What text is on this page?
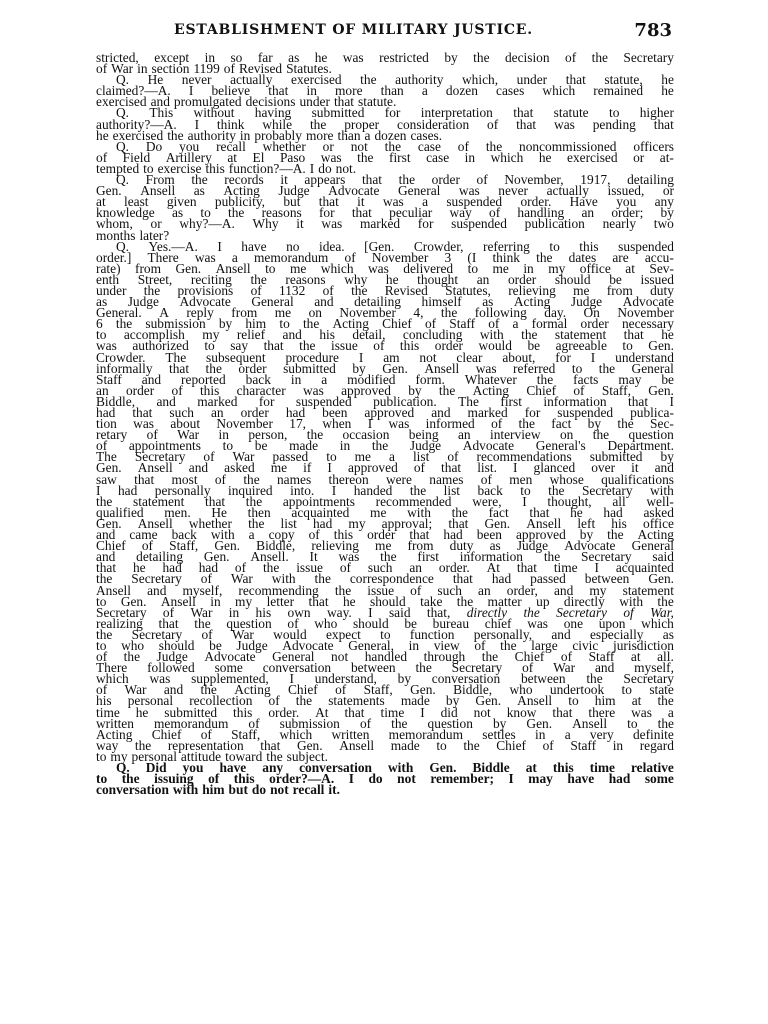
ESTABLISHMENT OF MILITARY JUSTICE.	783
stricted, except in so far as he was restricted by the decision of the Secretary
of War in section 1199 of Revised Statutes.
Q. He never actually exercised the authority which, under that statute, he
claimed?—A. I believe that in more than a dozen cases which remained he
exercised and promulgated decisions under that statute.
Q. This without having submitted for interpretation that statute to higher
authority?—A. I think while the proper consideration of that was pending that
he exercised the authority in probably more than a dozen cases.
Q. Do you recall whether or not the case of the noncommissioned officers
of Field Artillery at El Paso was the first case in which he exercised or at-
tempted to exercise this function?—A. I do not.
Q. From the records it appears that the order of November, 1917, detailing
Gen. Ansell as Acting Judge Advocate General was never actually issued, or
at least given publicity, but that it was a suspended order. Have you any
knowledge as to the reasons for that peculiar way of handling an order; by
whom, or why?—A. Why it was marked for suspended publication nearly two
months later?
Q. Yes.—A. I have no idea. [Gen. Crowder, referring to this suspended
order.] There was a memorandum of November 3 (I think the dates are accu-
rate) from Gen. Ansell to me which was delivered to me in my office at Sev-
enth Street, reciting the reasons why he thought an order should be issued
under the provisions of 1132 of the Revised Statutes, relieving me from duty
as Judge Advocate General and detailing himself as Acting Judge Advocate
General. A reply from me on November 4, the following day. On November
6 the submission by him to the Acting Chief of Staff of a formal order necessary
to accomplish my relief and his detail, concluding with the statement that he
was authorized to say that the issue of this order would be agreeable to Gen.
Crowder. The subsequent procedure I am not clear about, for I understand
informally that the order submitted by Gen. Ansell was referred to the General
Staff and reported back in a modified form. Whatever the facts may be
an order of this character was approved by the Acting Chief of Staff, Gen.
Biddle, and marked for suspended publication. The first information that I
had that such an order had been approved and marked for suspended publica-
tion was about November 17, when I was informed of the fact by the Sec-
retary of War in person, the occasion being an interview on the question
of appointments to be made in the Judge Advocate General's Department.
The Secretary of War passed to me a list of recommendations submitted by
Gen. Ansell and asked me if I approved of that list. I glanced over it and
saw that most of the names thereon were names of men whose qualifications
I had personally inquired into. I handed the list back to the Secretary with
the statement that the appointments recommended were, I thought, all well-
qualified men. He then acquainted me with the fact that he had asked
Gen. Ansell whether the list had my approval; that Gen. Ansell left his office
and came back with a copy of this order that had been approved by the Acting
Chief of Staff, Gen. Biddle, relieving me from duty as Judge Advocate General
and detailing Gen. Ansell. It was the first information the Secretary said
that he had had of the issue of such an order. At that time I acquainted
the Secretary of War with the correspondence that had passed between Gen.
Ansell and myself, recommending the issue of such an order, and my statement
to Gen. Ansell in my letter that he should take the matter up directly with the
Secretary of War in his own way. I said that, directly the Secretary of War,
realizing that the question of who should be bureau chief was one upon which
the Secretary of War would expect to function personally, and especially as
to who should be Judge Advocate General, in view of the large civic jurisdiction
of the Judge Advocate General not handled through the Chief of Staff at all.
There followed some conversation between the Secretary of War and myself,
which was supplemented, I understand, by conversation between the Secretary
of War and the Acting Chief of Staff, Gen. Biddle, who undertook to state
his personal recollection of the statements made by Gen. Ansell to him at the
time he submitted this order. At that time I did not know that there was a
written memorandum of submission of the question by Gen. Ansell to the
Acting Chief of Staff, which written memorandum settles in a very definite
way the representation that Gen. Ansell made to the Chief of Staff in regard
to my personal attitude toward the subject.
Q. Did you have any conversation with Gen. Biddle at this time relative
to the issuing of this order?—A. I do not remember; I may have had some
conversation with him but do not recall it.
